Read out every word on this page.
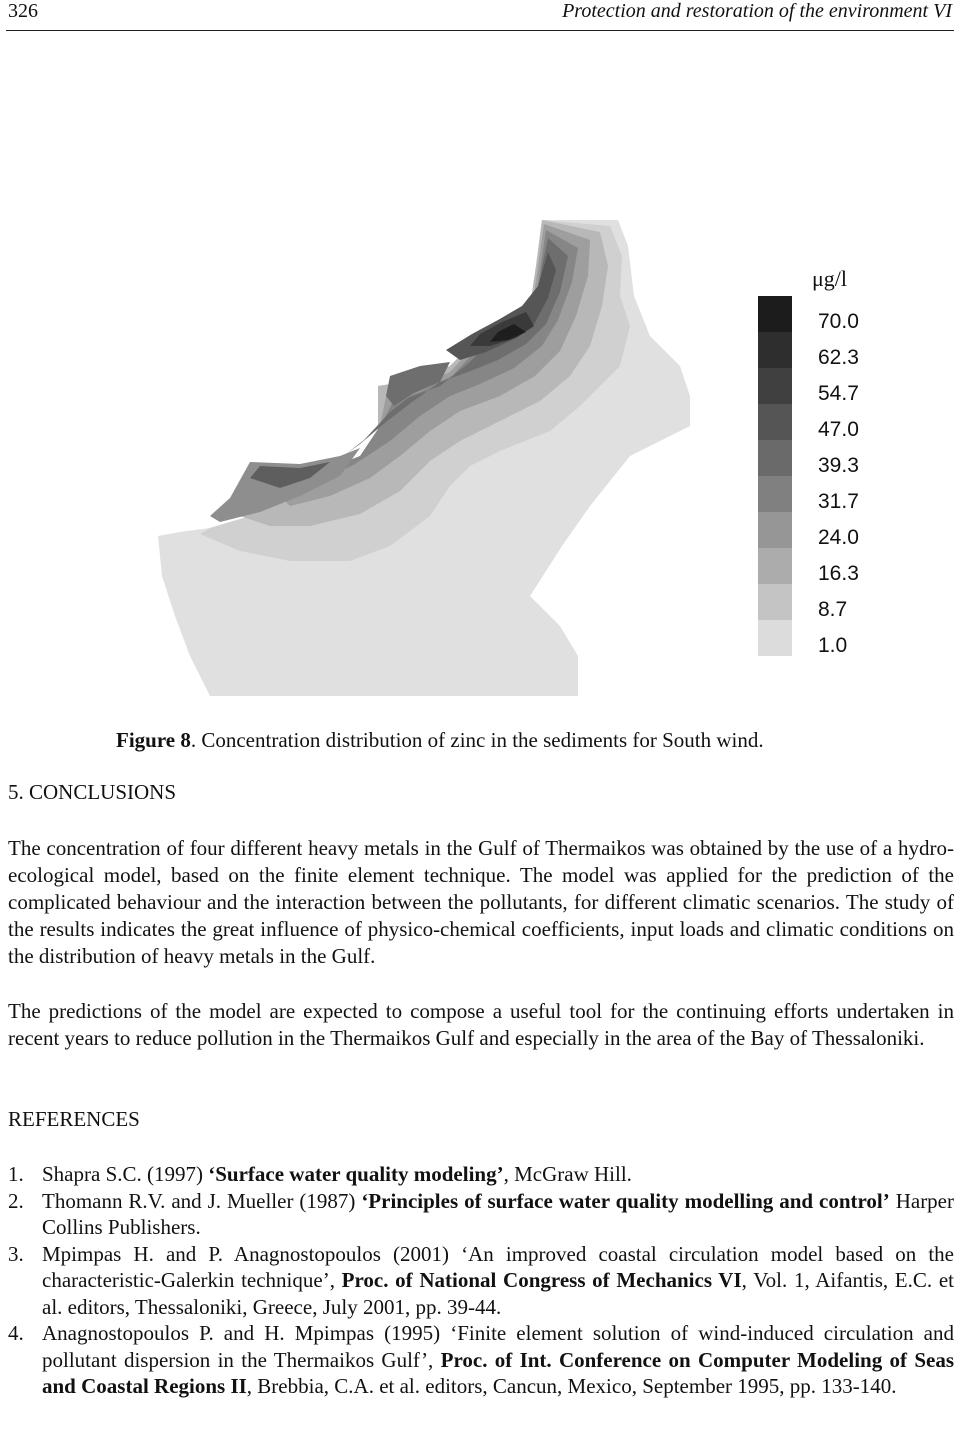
326	Protection and restoration of the environment VI
μg/l
70.0
62.3
54.7
47.0
39.3
31.7
24.0
16.3
8.7
1.0
Figure 8. Concentration distribution of zinc in the sediments for South wind.
5. CONCLUSIONS

The concentration of four different heavy metals in the Gulf of Thermaikos was obtained by the use of a hydro-ecological model, based on the finite element technique. The model was applied for the prediction of the complicated behaviour and the interaction between the pollutants, for different climatic scenarios. The study of the results indicates the great influence of physico-chemical coefficients, input loads and climatic conditions on the distribution of heavy metals in the Gulf.

The predictions of the model are expected to compose a useful tool for the continuing efforts undertaken in recent years to reduce pollution in the Thermaikos Gulf and especially in the area of the Bay of Thessaloniki.

REFERENCES
1. Shapra S.C. (1997) ‘Surface water quality modeling’, McGraw Hill.
2. Thomann R.V. and J. Mueller (1987) ‘Principles of surface water quality modelling and control’ Harper Collins Publishers.
3. Mpimpas H. and P. Anagnostopoulos (2001) ‘An improved coastal circulation model based on the characteristic-Galerkin technique’, Proc. of National Congress of Mechanics VI, Vol. 1, Aifantis, E.C. et al. editors, Thessaloniki, Greece, July 2001, pp. 39-44.
4. Anagnostopoulos P. and H. Mpimpas (1995) ‘Finite element solution of wind-induced circulation and pollutant dispersion in the Thermaikos Gulf’, Proc. of Int. Conference on Computer Modeling of Seas and Coastal Regions II, Brebbia, C.A. et al. editors, Cancun, Mexico, September 1995, pp. 133-140.
